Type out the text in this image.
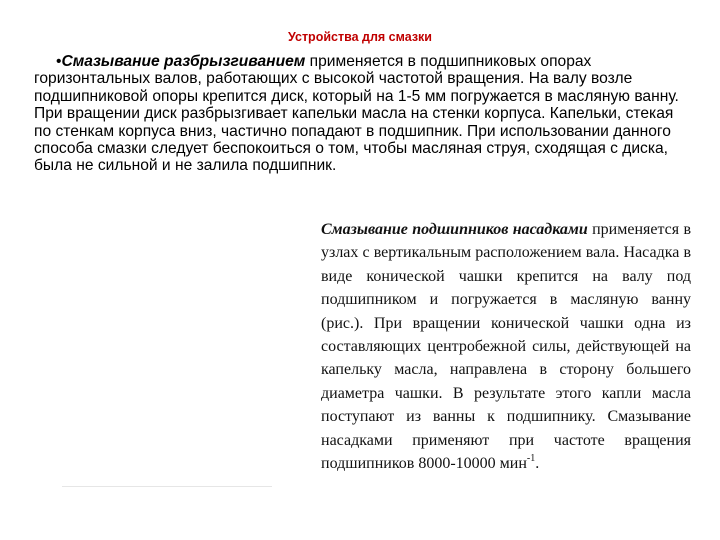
Устройства для смазки
•Смазывание разбрызгиванием применяется в подшипниковых опорах горизонтальных валов, работающих с высокой частотой вращения. На валу возле подшипниковой опоры крепится диск, который на 1-5 мм погружается в масляную ванну. При вращении диск разбрызгивает капельки масла на стенки корпуса. Капельки, стекая по стенкам корпуса вниз, частично попадают в подшипник. При использовании данного способа смазки следует беспокоиться о том, чтобы масляная струя, сходящая с диска, была не сильной и не залила подшипник.
Смазывание подшипников насадками применяется в узлах с вертикальным расположением вала. Насадка в виде конической чашки крепится на валу под подшипником и погружается в масляную ванну (рис.). При вращении конической чашки одна из составляющих центробежной силы, действующей на капельку масла, направлена в сторону большего диаметра чашки. В результате этого капли масла поступают из ванны к подшипнику. Смазывание насадками применяют при частоте вращения подшипников 8000-10000 мин$^{-1}$.
